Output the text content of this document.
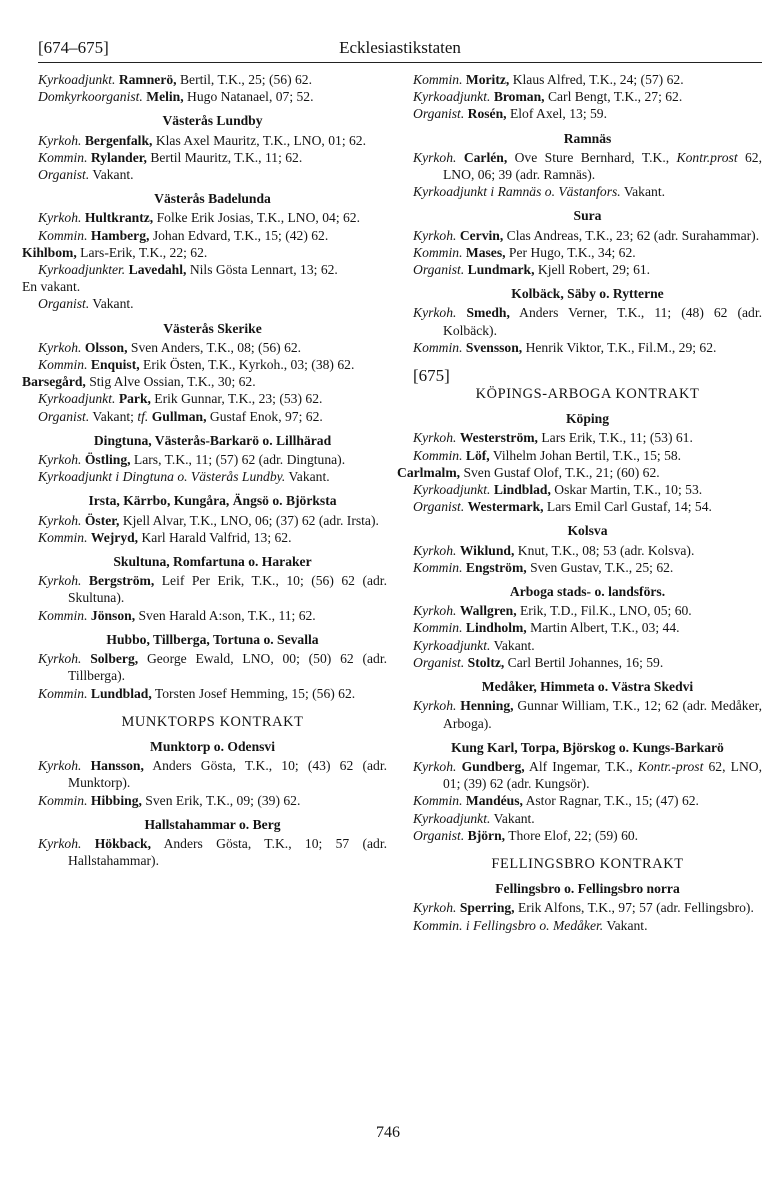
[674–675]	Ecklesiastikstaten
Kyrkoadjunkt. Ramnerö, Bertil, T.K., 25; (56) 62.
Domkyrkoorganist. Melin, Hugo Natanael, 07; 52.
Västerås Lundby
Kyrkoh. Bergenfalk, Klas Axel Mauritz, T.K., LNO, 01; 62.
Kommin. Rylander, Bertil Mauritz, T.K., 11; 62.
Organist. Vakant.
Västerås Badelunda
Kyrkoh. Hultkrantz, Folke Erik Josias, T.K., LNO, 04; 62.
Kommin. Hamberg, Johan Edvard, T.K., 15; (42) 62.
Kihlbom, Lars-Erik, T.K., 22; 62.
Kyrkoadjunkter. Lavedahl, Nils Gösta Lennart, 13; 62.
En vakant.
Organist. Vakant.
Västerås Skerike
Kyrkoh. Olsson, Sven Anders, T.K., 08; (56) 62.
Kommin. Enquist, Erik Östen, T.K., Kyrkoh., 03; (38) 62.
Barsegård, Stig Alve Ossian, T.K., 30; 62.
Kyrkoadjunkt. Park, Erik Gunnar, T.K., 23; (53) 62.
Organist. Vakant; tf. Gullman, Gustaf Enok, 97; 62.
Dingtuna, Västerås-Barkarö o. Lillhärad
Kyrkoh. Östling, Lars, T.K., 11; (57) 62 (adr. Dingtuna).
Kyrkoadjunkt i Dingtuna o. Västerås Lundby. Vakant.
Irsta, Kärrbo, Kungåra, Ängsö o. Björksta
Kyrkoh. Öster, Kjell Alvar, T.K., LNO, 06; (37) 62 (adr. Irsta).
Kommin. Wejryd, Karl Harald Valfrid, 13; 62.
Skultuna, Romfartuna o. Haraker
Kyrkoh. Bergström, Leif Per Erik, T.K., 10; (56) 62 (adr. Skultuna).
Kommin. Jönson, Sven Harald A:son, T.K., 11; 62.
Hubbo, Tillberga, Tortuna o. Sevalla
Kyrkoh. Solberg, George Ewald, LNO, 00; (50) 62 (adr. Tillberga).
Kommin. Lundblad, Torsten Josef Hemming, 15; (56) 62.
MUNKTORPS KONTRAKT
Munktorp o. Odensvi
Kyrkoh. Hansson, Anders Gösta, T.K., 10; (43) 62 (adr. Munktorp).
Kommin. Hibbing, Sven Erik, T.K., 09; (39) 62.
Hallstahammar o. Berg
Kyrkoh. Hökback, Anders Gösta, T.K., 10; 57 (adr. Hallstahammar).
Kommin. Moritz, Klaus Alfred, T.K., 24; (57) 62.
Kyrkoadjunkt. Broman, Carl Bengt, T.K., 27; 62.
Organist. Rosén, Elof Axel, 13; 59.
Ramnäs
Kyrkoh. Carlén, Ove Sture Bernhard, T.K., Kontr.prost 62, LNO, 06; 39 (adr. Ramnäs).
Kyrkoadjunkt i Ramnäs o. Västanfors. Vakant.
Sura
Kyrkoh. Cervin, Clas Andreas, T.K., 23; 62 (adr. Surahammar).
Kommin. Mases, Per Hugo, T.K., 34; 62.
Organist. Lundmark, Kjell Robert, 29; 61.
Kolbäck, Säby o. Rytterne
Kyrkoh. Smedh, Anders Verner, T.K., 11; (48) 62 (adr. Kolbäck).
Kommin. Svensson, Henrik Viktor, T.K., Fil.M., 29; 62.
[675]
KÖPINGS-ARBOGA KONTRAKT
Köping
Kyrkoh. Westerström, Lars Erik, T.K., 11; (53) 61.
Kommin. Löf, Vilhelm Johan Bertil, T.K., 15; 58.
Carlmalm, Sven Gustaf Olof, T.K., 21; (60) 62.
Kyrkoadjunkt. Lindblad, Oskar Martin, T.K., 10; 53.
Organist. Westermark, Lars Emil Carl Gustaf, 14; 54.
Kolsva
Kyrkoh. Wiklund, Knut, T.K., 08; 53 (adr. Kolsva).
Kommin. Engström, Sven Gustav, T.K., 25; 62.
Arboga stads- o. landsförs.
Kyrkoh. Wallgren, Erik, T.D., Fil.K., LNO, 05; 60.
Kommin. Lindholm, Martin Albert, T.K., 03; 44.
Kyrkoadjunkt. Vakant.
Organist. Stoltz, Carl Bertil Johannes, 16; 59.
Medåker, Himmeta o. Västra Skedvi
Kyrkoh. Henning, Gunnar William, T.K., 12; 62 (adr. Medåker, Arboga).
Kung Karl, Torpa, Björskog o. Kungs-Barkarö
Kyrkoh. Gundberg, Alf Ingemar, T.K., Kontr.-prost 62, LNO, 01; (39) 62 (adr. Kungsör).
Kommin. Mandéus, Astor Ragnar, T.K., 15; (47) 62.
Kyrkoadjunkt. Vakant.
Organist. Björn, Thore Elof, 22; (59) 60.
FELLINGSBRO KONTRAKT
Fellingsbro o. Fellingsbro norra
Kyrkoh. Sperring, Erik Alfons, T.K., 97; 57 (adr. Fellingsbro).
Kommin. i Fellingsbro o. Medåker. Vakant.
746
